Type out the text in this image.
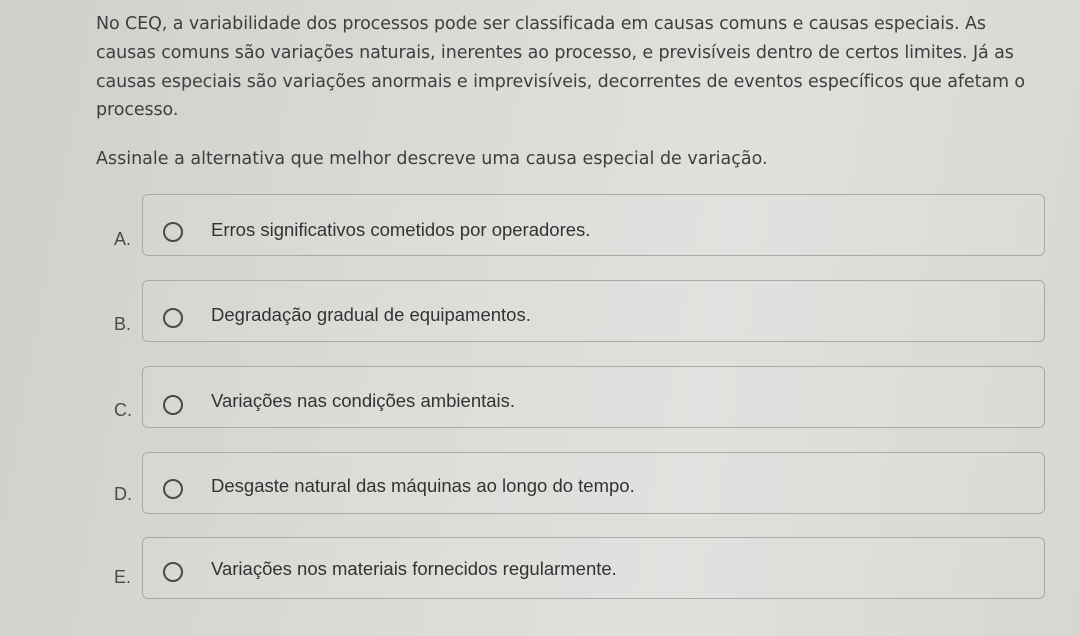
No CEQ, a variabilidade dos processos pode ser classificada em causas comuns e causas especiais. As

causas comuns são variações naturais, inerentes ao processo, e previsíveis dentro de certos limites. Já as

causas especiais são variações anormais e imprevisíveis, decorrentes de eventos específicos que afetam o

processo.

Assinale a alternativa que melhor descreve uma causa especial de variação.
A.	Erros significativos cometidos por operadores.
B.	Degradação gradual de equipamentos.
C.	Variações nas condições ambientais.
D.	Desgaste natural das máquinas ao longo do tempo.
E.	Variações nos materiais fornecidos regularmente.
